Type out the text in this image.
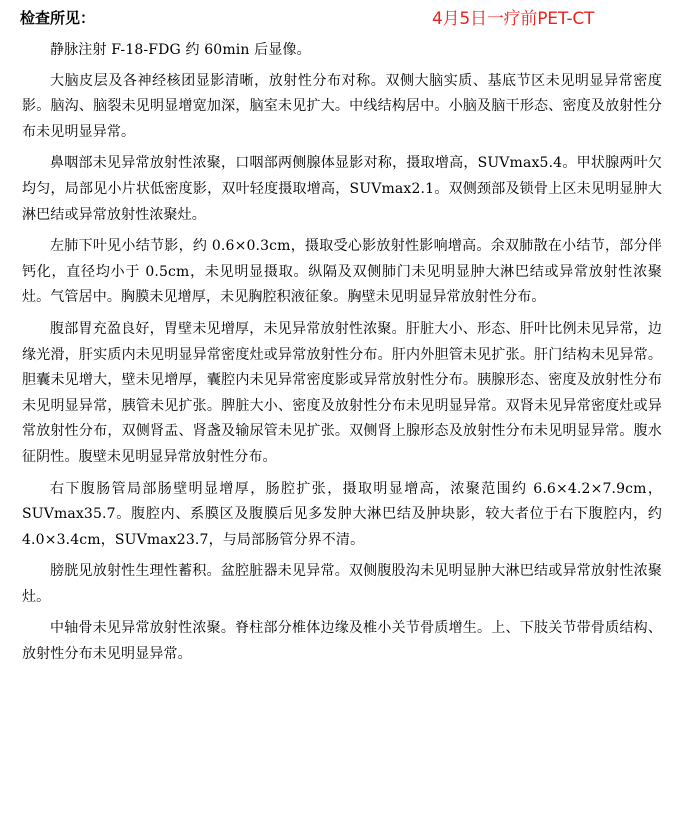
检查所见：	4月5日一疗前PET-CT

静脉注射 F-18-FDG 约 60min 后显像。

大脑皮层及各神经核团显影清晰，放射性分布对称。双侧大脑实质、基底节区未见明显异常密度影。脑沟、脑裂未见明显增宽加深，脑室未见扩大。中线结构居中。小脑及脑干形态、密度及放射性分布未见明显异常。

鼻咽部未见异常放射性浓聚，口咽部两侧腺体显影对称，摄取增高，SUVmax5.4。甲状腺两叶欠均匀，局部见小片状低密度影，双叶轻度摄取增高，SUVmax2.1。双侧颈部及锁骨上区未见明显肿大淋巴结或异常放射性浓聚灶。

左肺下叶见小结节影，约 0.6×0.3cm，摄取受心影放射性影响增高。余双肺散在小结节，部分伴钙化，直径均小于 0.5cm，未见明显摄取。纵隔及双侧肺门未见明显肿大淋巴结或异常放射性浓聚灶。气管居中。胸膜未见增厚，未见胸腔积液征象。胸壁未见明显异常放射性分布。

腹部胃充盈良好，胃壁未见增厚，未见异常放射性浓聚。肝脏大小、形态、肝叶比例未见异常，边缘光滑，肝实质内未见明显异常密度灶或异常放射性分布。肝内外胆管未见扩张。肝门结构未见异常。胆囊未见增大，壁未见增厚，囊腔内未见异常密度影或异常放射性分布。胰腺形态、密度及放射性分布未见明显异常，胰管未见扩张。脾脏大小、密度及放射性分布未见明显异常。双肾未见异常密度灶或异常放射性分布，双侧肾盂、肾盏及输尿管未见扩张。双侧肾上腺形态及放射性分布未见明显异常。腹水征阴性。腹壁未见明显异常放射性分布。

右下腹肠管局部肠壁明显增厚，肠腔扩张，摄取明显增高，浓聚范围约 6.6×4.2×7.9cm，SUVmax35.7。腹腔内、系膜区及腹膜后见多发肿大淋巴结及肿块影，较大者位于右下腹腔内，约 4.0×3.4cm，SUVmax23.7，与局部肠管分界不清。

膀胱见放射性生理性蓄积。盆腔脏器未见异常。双侧腹股沟未见明显肿大淋巴结或异常放射性浓聚灶。

中轴骨未见异常放射性浓聚。脊柱部分椎体边缘及椎小关节骨质增生。上、下肢关节带骨质结构、放射性分布未见明显异常。
